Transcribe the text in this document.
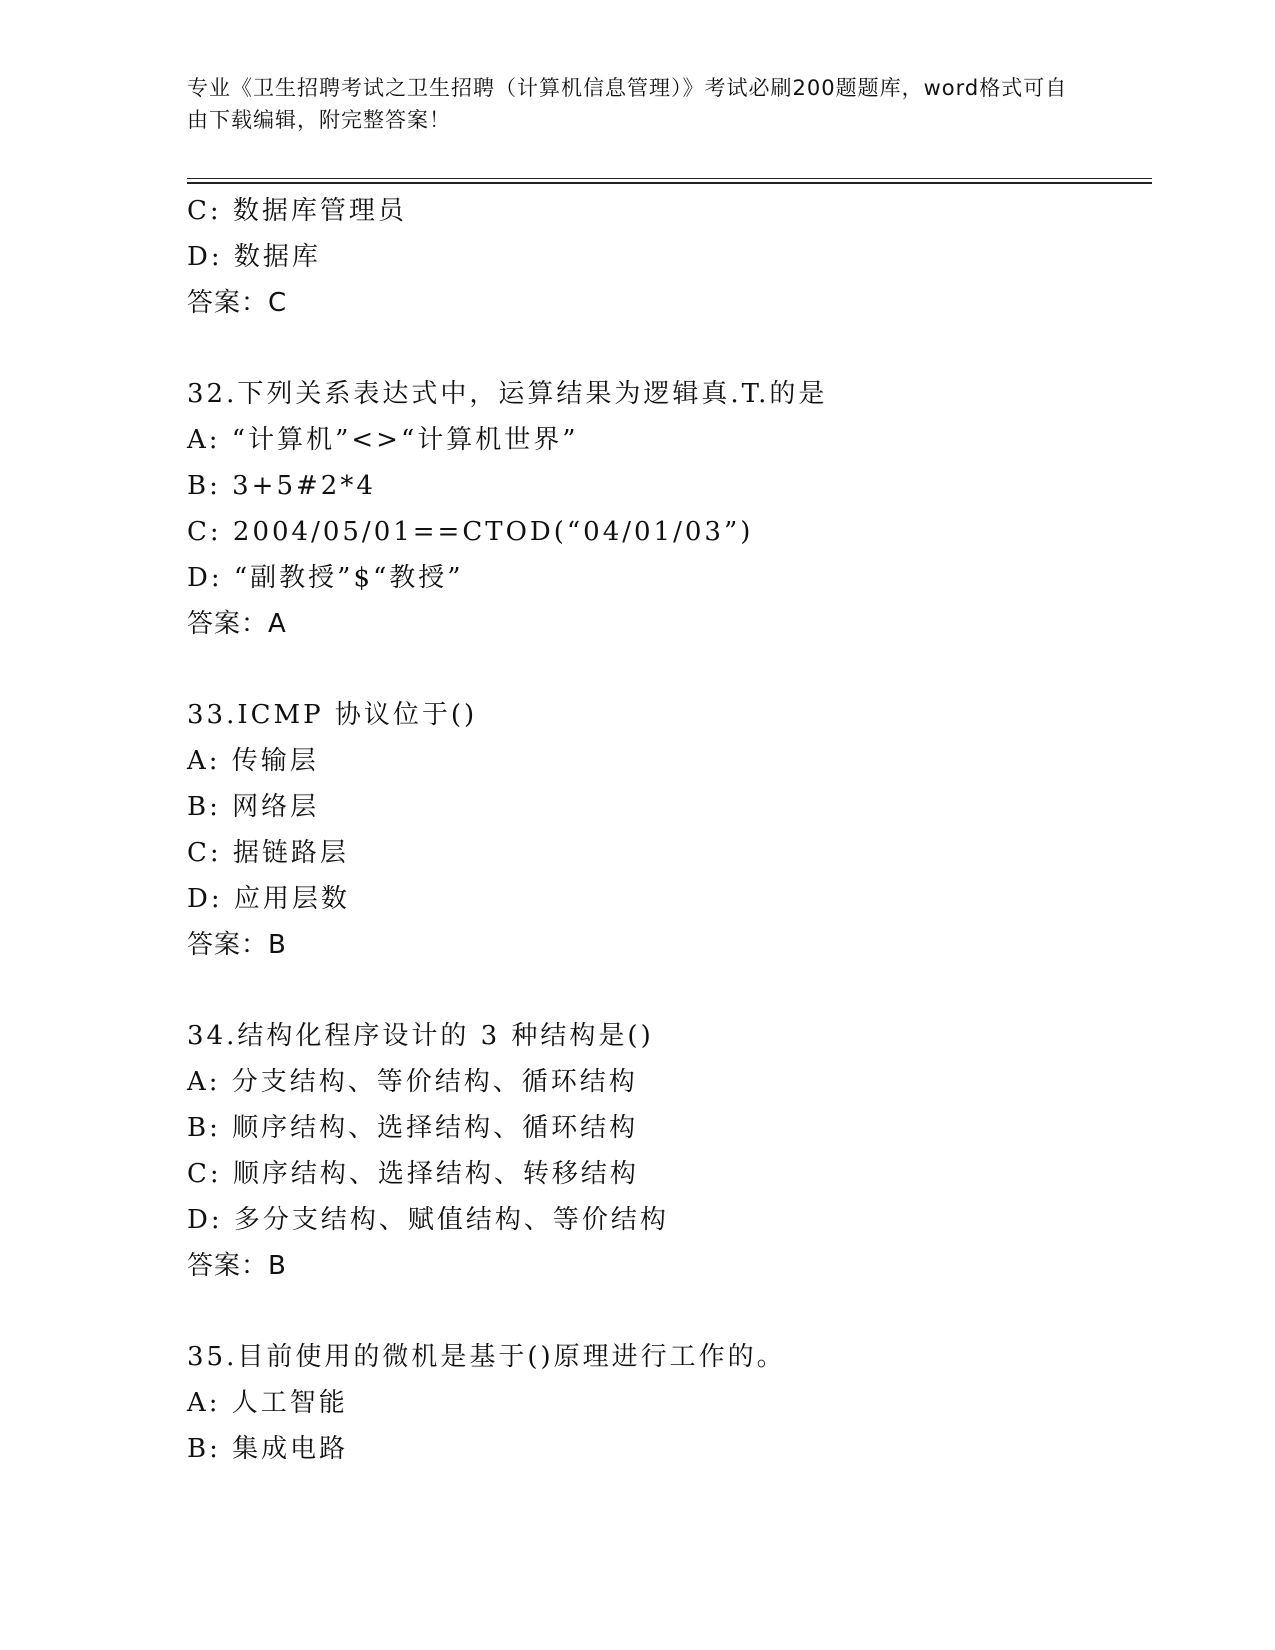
专业《卫生招聘考试之卫生招聘（计算机信息管理）》考试必刷200题题库，word格式可自由下载编辑，附完整答案！
C: 数据库管理员
D: 数据库
答案：C
32.下列关系表达式中，运算结果为逻辑真.T.的是
A: “计算机”<>“计算机世界”
B: 3+5#2*4
C: 2004/05/01==CTOD(“04/01/03”)
D: “副教授”$“教授”
答案：A
33.ICMP 协议位于()
A: 传输层
B: 网络层
C: 据链路层
D: 应用层数
答案：B
34.结构化程序设计的 3 种结构是()
A: 分支结构、等价结构、循环结构
B: 顺序结构、选择结构、循环结构
C: 顺序结构、选择结构、转移结构
D: 多分支结构、赋值结构、等价结构
答案：B
35.目前使用的微机是基于()原理进行工作的。
A: 人工智能
B: 集成电路
